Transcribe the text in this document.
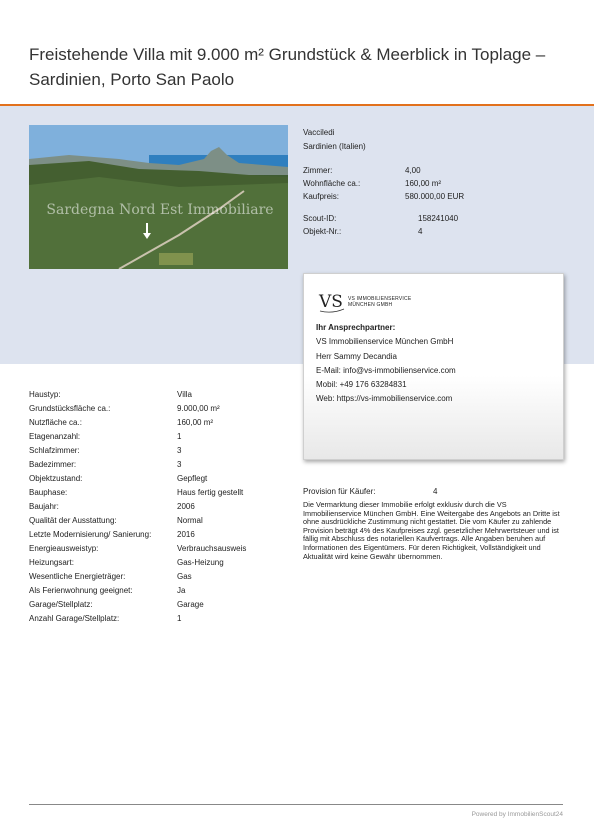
Freistehende Villa mit 9.000 m² Grundstück & Meerblick in Toplage – Sardinien, Porto San Paolo
Sardegna Nord Est Immobiliare
Vacciledi
Sardinien (Italien)
Zimmer:	4,00
Wohnfläche ca.:	160,00 m²
Kaufpreis:	580.000,00 EUR
Scout-ID:	158241040
Objekt-Nr.:	4
VS VS IMMOBILIENSERVICE
MÜNCHEN GMBH
Ihr Ansprechpartner:
VS Immobilienservice München GmbH
Herr Sammy Decandia
E-Mail: info@vs-immobilienservice.com
Mobil: +49 176 63284831
Web: https://vs-immobilienservice.com
Haustyp:	Villa
Grundstücksfläche ca.:	9.000,00 m²
Nutzfläche ca.:	160,00 m²
Etagenanzahl:	1
Schlafzimmer:	3
Badezimmer:	3
Objektzustand:	Gepflegt
Bauphase:	Haus fertig gestellt
Baujahr:	2006
Qualität der Ausstattung:	Normal
Letzte Modernisierung/ Sanierung:	2016
Energieausweistyp:	Verbrauchsausweis
Heizungsart:	Gas-Heizung
Wesentliche Energieträger:	Gas
Als Ferienwohnung geeignet:	Ja
Garage/Stellplatz:	Garage
Anzahl Garage/Stellplatz:	1
Provision für Käufer:	4
Die Vermarktung dieser Immobilie erfolgt exklusiv durch die VS Immobilienservice München GmbH. Eine Weitergabe des Angebots an Dritte ist ohne ausdrückliche Zustimmung nicht gestattet. Die vom Käufer zu zahlende Provision beträgt 4% des Kaufpreises zzgl. gesetzlicher Mehrwertsteuer und ist fällig mit Abschluss des notariellen Kaufvertrags. Alle Angaben beruhen auf Informationen des Eigentümers. Für deren Richtigkeit, Vollständigkeit und Aktualität wird keine Gewähr übernommen.
Powered by ImmobilienScout24
